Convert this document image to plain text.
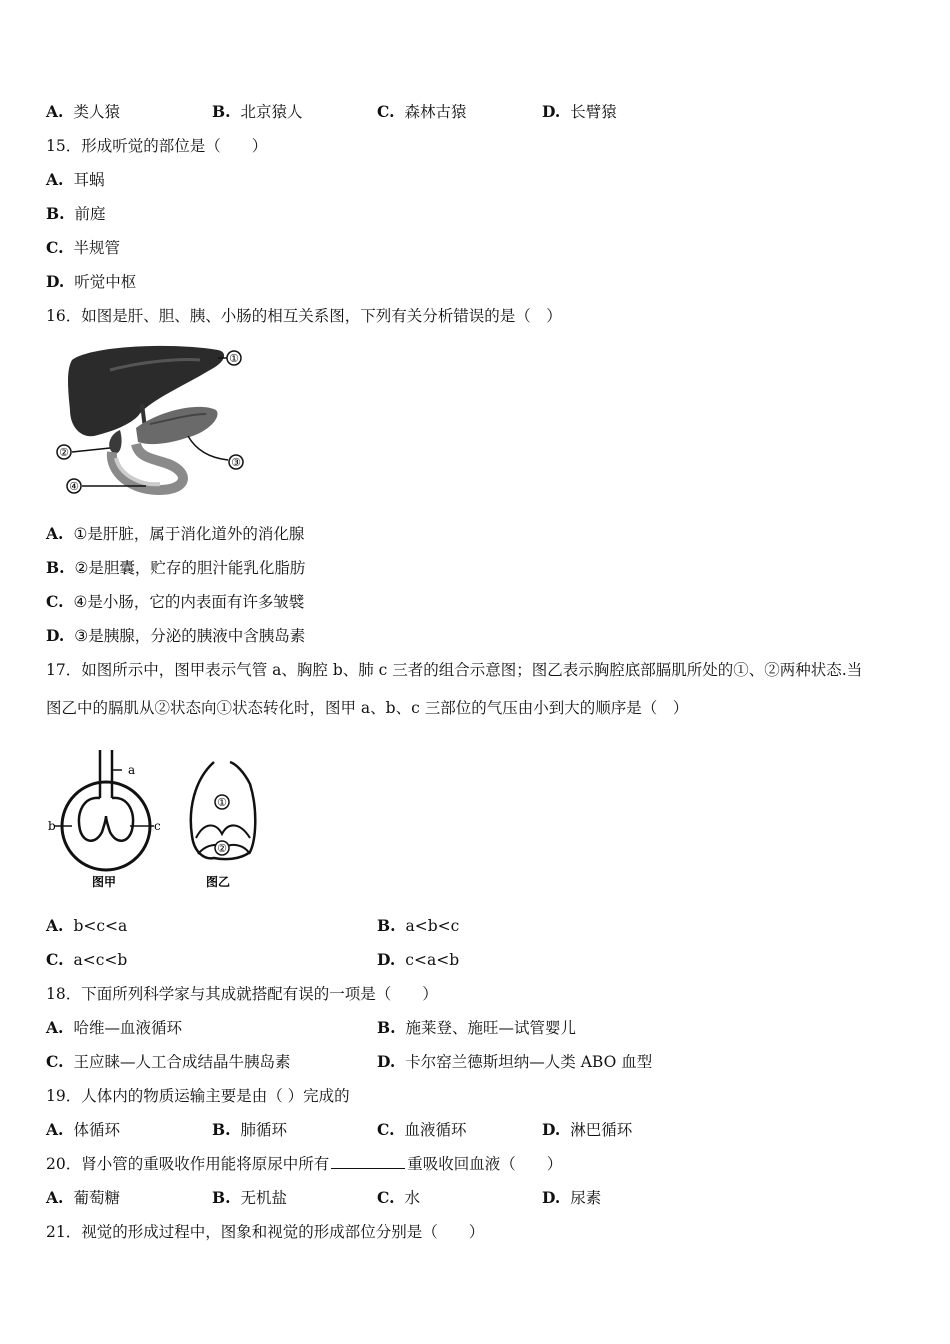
A. 类人猿	B. 北京猿人	C. 森林古猿	D. 长臂猿
15．形成听觉的部位是（　　）
A. 耳蜗
B. 前庭
C. 半规管
D. 听觉中枢
16．如图是肝、胆、胰、小肠的相互关系图，下列有关分析错误的是（　）
①
②
③
④
A. ①是肝脏，属于消化道外的消化腺
B. ②是胆囊，贮存的胆汁能乳化脂肪
C. ④是小肠，它的内表面有许多皱襞
D. ③是胰腺，分泌的胰液中含胰岛素
17．如图所示中，图甲表示气管 a、胸腔 b、肺 c 三者的组合示意图；图乙表示胸腔底部膈肌所处的①、②两种状态.当
图乙中的膈肌从②状态向①状态转化时，图甲 a、b、c 三部位的气压由小到大的顺序是（　）
a
b	c
图甲
①
②
图乙
A. b<c<a	B. a<b<c
C. a<c<b	D. c<a<b
18．下面所列科学家与其成就搭配有误的一项是（　　）
A. 哈维—血液循环	B. 施莱登、施旺—试管婴儿
C. 王应睐—人工合成结晶牛胰岛素	D. 卡尔窑兰德斯坦纳—人类 ABO 血型
19．人体内的物质运输主要是由（ ）完成的
A. 体循环	B. 肺循环	C. 血液循环	D. 淋巴循环
20．肾小管的重吸收作用能将原尿中所有	重吸收回血液（　　）
A. 葡萄糖	B. 无机盐	C. 水	D. 尿素
21．视觉的形成过程中，图象和视觉的形成部位分别是（　　）
